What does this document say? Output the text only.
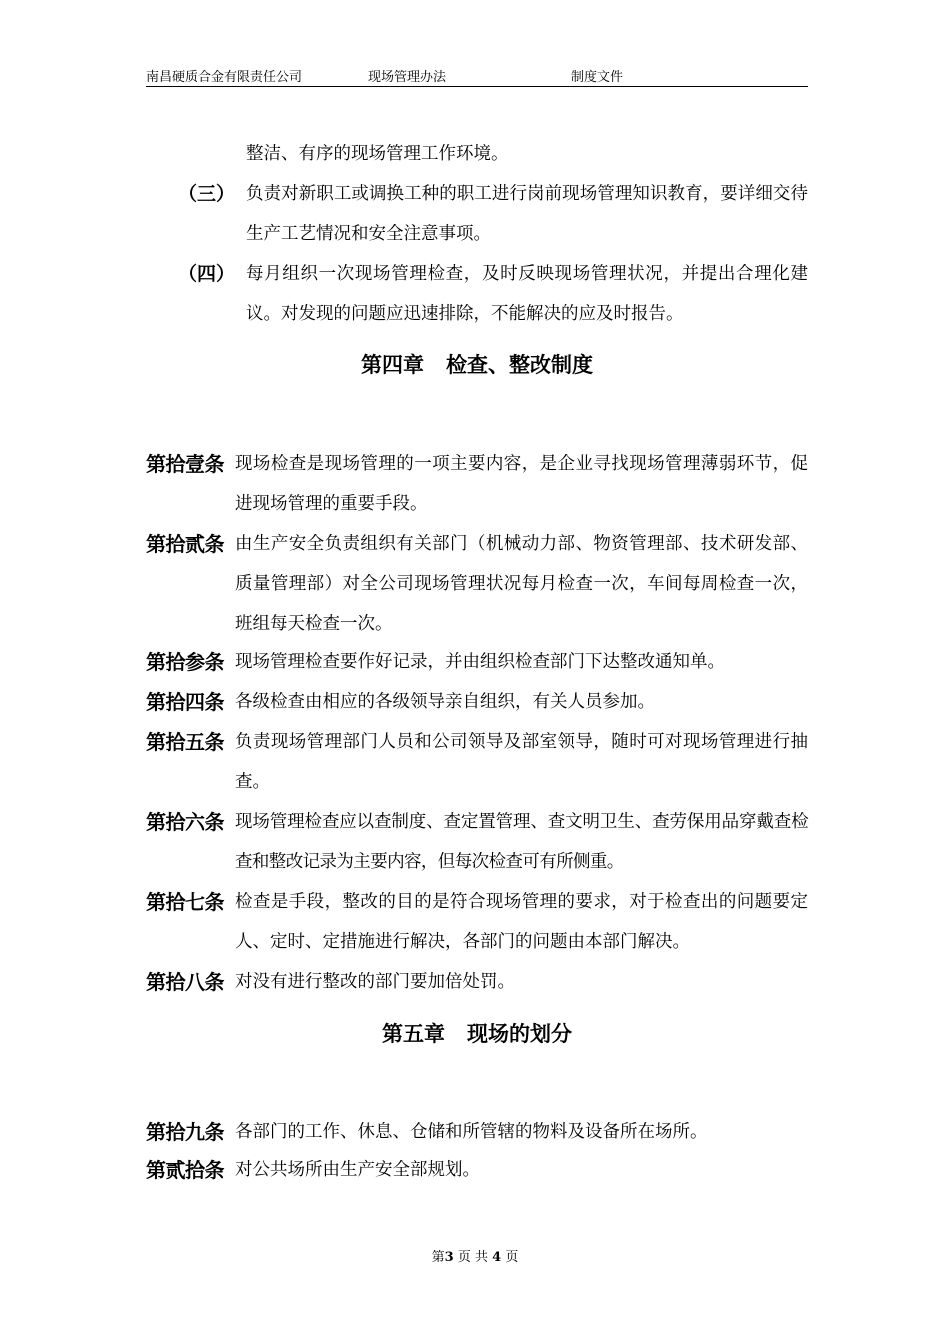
南昌硬质合金有限责任公司	现场管理办法	制度文件
整洁、有序的现场管理工作环境。
（三） 负责对新职工或调换工种的职工进行岗前现场管理知识教育，要详细交待生产工艺情况和安全注意事项。
（四） 每月组织一次现场管理检查，及时反映现场管理状况，并提出合理化建议。对发现的问题应迅速排除，不能解决的应及时报告。
第四章 检查、整改制度
第拾壹条 现场检查是现场管理的一项主要内容，是企业寻找现场管理薄弱环节，促进现场管理的重要手段。
第拾贰条 由生产安全负责组织有关部门（机械动力部、物资管理部、技术研发部、质量管理部）对全公司现场管理状况每月检查一次，车间每周检查一次，班组每天检查一次。
第拾参条 现场管理检查要作好记录，并由组织检查部门下达整改通知单。
第拾四条 各级检查由相应的各级领导亲自组织，有关人员参加。
第拾五条 负责现场管理部门人员和公司领导及部室领导，随时可对现场管理进行抽查。
第拾六条 现场管理检查应以查制度、查定置管理、查文明卫生、查劳保用品穿戴查检查和整改记录为主要内容，但每次检查可有所侧重。
第拾七条 检查是手段，整改的目的是符合现场管理的要求，对于检查出的问题要定人、定时、定措施进行解决，各部门的问题由本部门解决。
第拾八条 对没有进行整改的部门要加倍处罚。
第五章 现场的划分
第拾九条 各部门的工作、休息、仓储和所管辖的物料及设备所在场所。
第贰拾条 对公共场所由生产安全部规划。
第3 页 共 4 页
